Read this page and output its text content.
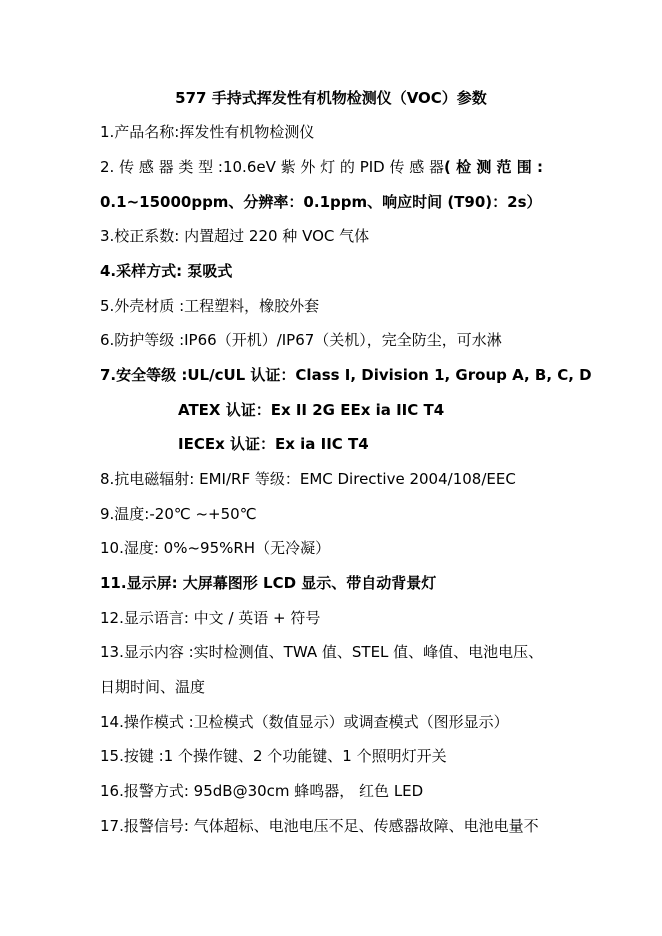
577 手持式挥发性有机物检测仪（VOC）参数
1.产品名称:挥发性有机物检测仪
2. 传 感 器 类 型 :10.6eV 紫 外 灯 的 PID 传 感 器( 检 测 范 围 :
0.1~15000ppm、分辨率：0.1ppm、响应时间 (T90)：2s）
3.校正系数: 内置超过 220 种 VOC 气体
4.采样方式: 泵吸式
5.外壳材质 :工程塑料，橡胶外套
6.防护等级 :IP66（开机）/IP67（关机），完全防尘，可水淋
7.安全等级 :UL/cUL 认证：Class I, Division 1, Group A, B, C, D
ATEX 认证：Ex II 2G EEx ia IIC T4
IECEx 认证：Ex ia IIC T4
8.抗电磁辐射: EMI/RF 等级：EMC Directive 2004/108/EEC
9.温度:-20℃ ~+50℃
10.湿度: 0%~95%RH（无冷凝）
11.显示屏: 大屏幕图形 LCD 显示、带自动背景灯
12.显示语言: 中文 / 英语 + 符号
13.显示内容 :实时检测值、TWA 值、STEL 值、峰值、电池电压、
日期时间、温度
14.操作模式 :卫检模式（数值显示）或调查模式（图形显示）
15.按键 :1 个操作键、2 个功能键、1 个照明灯开关
16.报警方式: 95dB@30cm 蜂鸣器， 红色 LED
17.报警信号: 气体超标、电池电压不足、传感器故障、电池电量不
